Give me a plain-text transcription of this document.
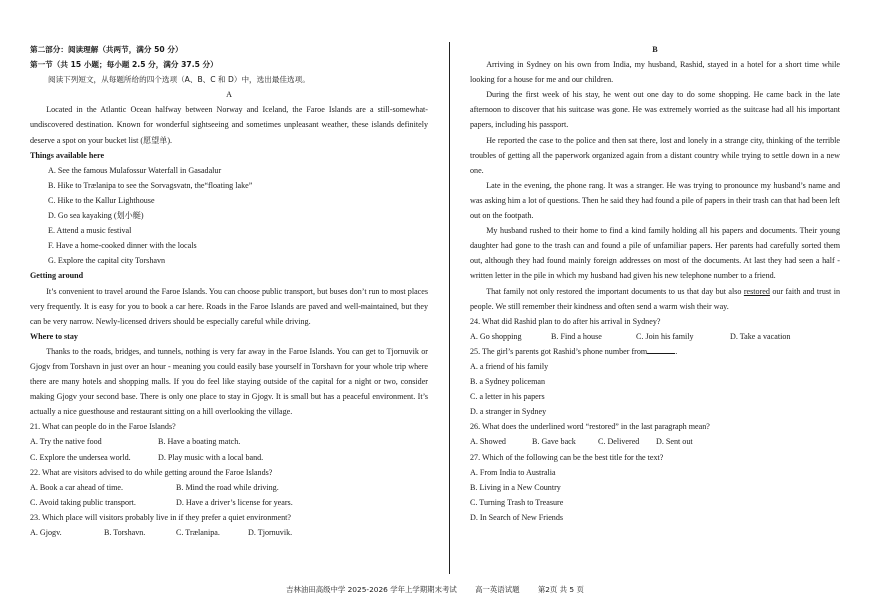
第二部分：阅读理解（共两节，满分 50 分）

第一节（共 15 小题；每小题 2.5 分，满分 37.5 分）

阅读下列短文，从每题所给的四个选项（A、B、C 和 D）中，选出最佳选项。

A

Located in the Atlantic Ocean halfway between Norway and Iceland, the Faroe Islands are a still-somewhat-undiscovered destination. Known for wonderful sightseeing and sometimes unpleasant weather, these islands definitely deserve a spot on your bucket list (愿望单).

Things available here

A. See the famous Mulafossur Waterfall in Gasadalur

B. Hike to Trælanipa to see the Sorvagsvatn, the“floating lake”

C. Hike to the Kallur Lighthouse

D. Go sea kayaking (划小艇)

E. Attend a music festival

F. Have a home-cooked dinner with the locals

G. Explore the capital city Torshavn

Getting around

It’s convenient to travel around the Faroe Islands. You can choose public transport, but buses don’t run to most places very frequently. It is easy for you to book a car here. Roads in the Faroe Islands are paved and well-maintained, but they can be very narrow. Newly-licensed drivers should be especially careful while driving.

Where to stay

Thanks to the roads, bridges, and tunnels, nothing is very far away in the Faroe Islands. You can get to Tjornuvik or Gjogv from Torshavn in just over an hour - meaning you could easily base yourself in Torshavn for your whole trip where there are many hotels and shopping malls. If you do feel like staying outside of the capital for a night or two, consider making Gjogv your second base. There is only one place to stay in Gjogv. It is small but has a peaceful environment. It’s actually a nice guesthouse and restaurant sitting on a hill overlooking the village.

21. What can people do in the Faroe Islands?

A. Try the native food	B. Have a boating match.
C. Explore the undersea world.	D. Play music with a local band.

22. What are visitors advised to do while getting around the Faroe Islands?

A. Book a car ahead of time.	B. Mind the road while driving.
C. Avoid taking public transport.	D. Have a driver’s license for years.

23. Which place will visitors probably live in if they prefer a quiet environment?

A. Gjogv.	B. Torshavn.	C. Trælanipa.	D. Tjornuvik.

B

Arriving in Sydney on his own from India, my husband, Rashid, stayed in a hotel for a short time while looking for a house for me and our children.

During the first week of his stay, he went out one day to do some shopping. He came back in the late afternoon to discover that his suitcase was gone. He was extremely worried as the suitcase had all his important papers, including his passport.

He reported the case to the police and then sat there, lost and lonely in a strange city, thinking of the terrible troubles of getting all the paperwork organized again from a distant country while trying to settle down in a new one.

Late in the evening, the phone rang. It was a stranger. He was trying to pronounce my husband’s name and was asking him a lot of questions. Then he said they had found a pile of papers in their trash can that had been left out on the footpath.

My husband rushed to their home to find a kind family holding all his papers and documents. Their young daughter had gone to the trash can and found a pile of unfamiliar papers. Her parents had carefully sorted them out, although they had found mainly foreign addresses on most of the documents. At last they had seen a half - written letter in the pile in which my husband had given his new telephone number to a friend.

That family not only restored the important documents to us that day but also restored our faith and trust in people. We still remember their kindness and often send a warm wish their way.

24. What did Rashid plan to do after his arrival in Sydney?

A. Go shopping	B. Find a house	C. Join his family	D. Take a vacation

25. The girl’s parents got Rashid’s phone number from	.

A. a friend of his family

B. a Sydney policeman

C. a letter in his papers

D. a stranger in Sydney

26. What does the underlined word “restored” in the last paragraph mean?

A. Showed	B. Gave back	C. Delivered	D. Sent out

27. Which of the following can be the best title for the text?

A. From India to Australia

B. Living in a New Country

C. Turning Trash to Treasure

D. In Search of New Friends

吉林油田高级中学 2025-2026 学年上学期期末考试 高一英语试题 第2页 共 5 页
